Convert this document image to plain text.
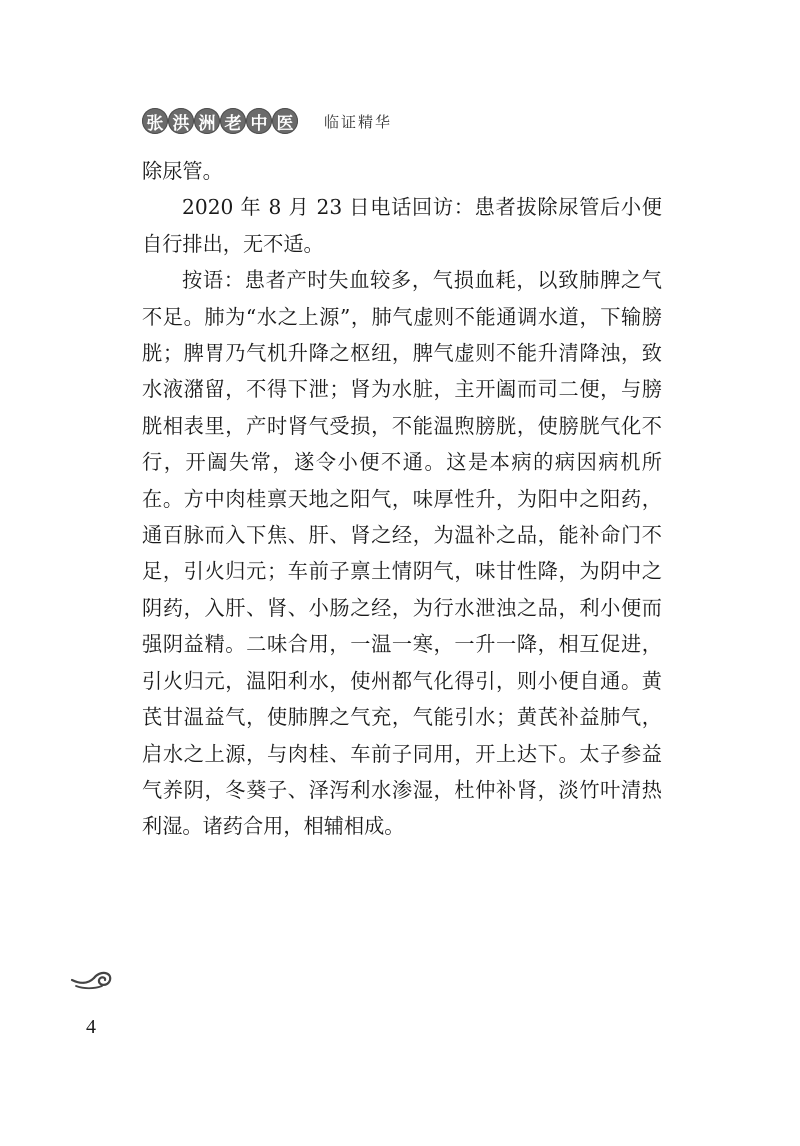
张 洪 洲 老 中 医	临证精华

除尿管。

2020 年 8 月 23 日电话回访：患者拔除尿管后小便自行排出，无不适。

按语：患者产时失血较多，气损血耗，以致肺脾之气不足。肺为“水之上源”，肺气虚则不能通调水道，下输膀胱；脾胃乃气机升降之枢纽，脾气虚则不能升清降浊，致水液潴留，不得下泄；肾为水脏，主开阖而司二便，与膀胱相表里，产时肾气受损，不能温煦膀胱，使膀胱气化不行，开阖失常，遂令小便不通。这是本病的病因病机所在。方中肉桂禀天地之阳气，味厚性升，为阳中之阳药，通百脉而入下焦、肝、肾之经，为温补之品，能补命门不足，引火归元；车前子禀土情阴气，味甘性降，为阴中之阴药，入肝、肾、小肠之经，为行水泄浊之品，利小便而强阴益精。二味合用，一温一寒，一升一降，相互促进，引火归元，温阳利水，使州都气化得引，则小便自通。黄芪甘温益气，使肺脾之气充，气能引水；黄芪补益肺气，启水之上源，与肉桂、车前子同用，开上达下。太子参益气养阴，冬葵子、泽泻利水渗湿，杜仲补肾，淡竹叶清热利湿。诸药合用，相辅相成。

4
